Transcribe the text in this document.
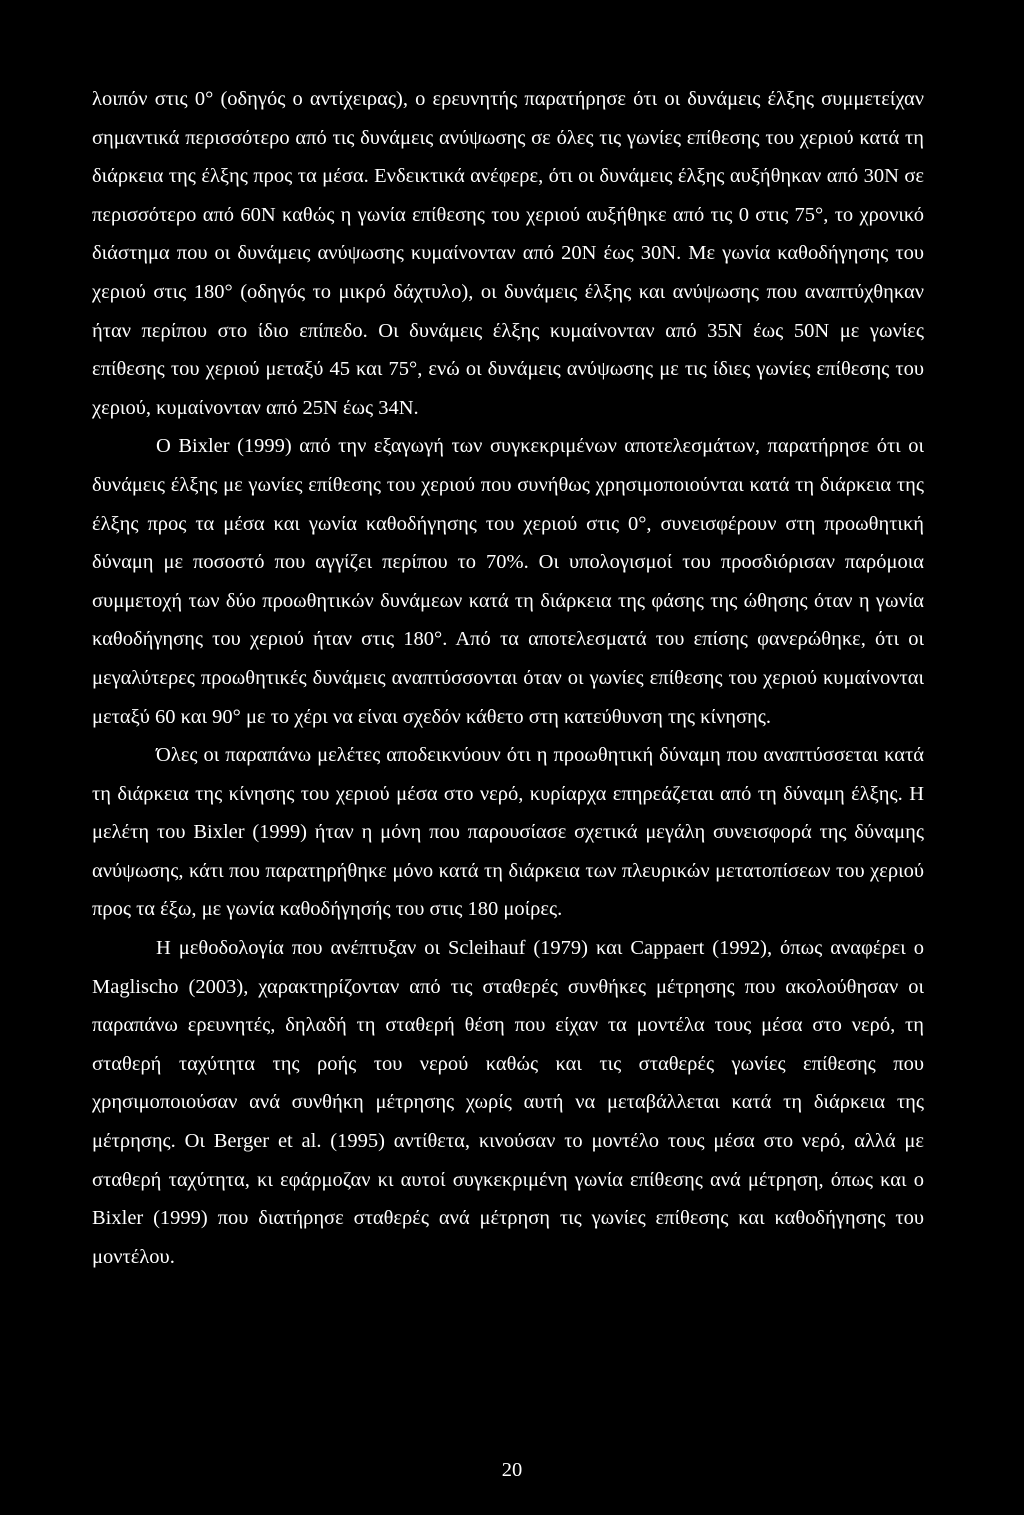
λοιπόν στις 0° (οδηγός ο αντίχειρας), ο ερευνητής παρατήρησε ότι οι δυνάμεις έλξης συμμετείχαν σημαντικά περισσότερο από τις δυνάμεις ανύψωσης σε όλες τις γωνίες επίθεσης του χεριού κατά τη διάρκεια της έλξης προς τα μέσα. Ενδεικτικά ανέφερε, ότι οι δυνάμεις έλξης αυξήθηκαν από 30N σε περισσότερο από 60N καθώς η γωνία επίθεσης του χεριού αυξήθηκε από τις 0 στις 75°, το χρονικό διάστημα που οι δυνάμεις ανύψωσης κυμαίνονταν από 20N έως 30N. Με γωνία καθοδήγησης του χεριού στις 180° (οδηγός το μικρό δάχτυλο), οι δυνάμεις έλξης και ανύψωσης που αναπτύχθηκαν ήταν περίπου στο ίδιο επίπεδο. Οι δυνάμεις έλξης κυμαίνονταν από 35N έως 50N με γωνίες επίθεσης του χεριού μεταξύ 45 και 75°, ενώ οι δυνάμεις ανύψωσης με τις ίδιες γωνίες επίθεσης του χεριού, κυμαίνονταν από 25N έως 34N.

Ο Bixler (1999) από την εξαγωγή των συγκεκριμένων αποτελεσμάτων, παρατήρησε ότι οι δυνάμεις έλξης με γωνίες επίθεσης του χεριού που συνήθως χρησιμοποιούνται κατά τη διάρκεια της έλξης προς τα μέσα και γωνία καθοδήγησης του χεριού στις 0°, συνεισφέρουν στη προωθητική δύναμη με ποσοστό που αγγίζει περίπου το 70%. Οι υπολογισμοί του προσδιόρισαν παρόμοια συμμετοχή των δύο προωθητικών δυνάμεων κατά τη διάρκεια της φάσης της ώθησης όταν η γωνία καθοδήγησης του χεριού ήταν στις 180°. Από τα αποτελεσματά του επίσης φανερώθηκε, ότι οι μεγαλύτερες προωθητικές δυνάμεις αναπτύσσονται όταν οι γωνίες επίθεσης του χεριού κυμαίνονται μεταξύ 60 και 90° με το χέρι να είναι σχεδόν κάθετο στη κατεύθυνση της κίνησης.

Όλες οι παραπάνω μελέτες αποδεικνύουν ότι η προωθητική δύναμη που αναπτύσσεται κατά τη διάρκεια της κίνησης του χεριού μέσα στο νερό, κυρίαρχα επηρεάζεται από τη δύναμη έλξης. Η μελέτη του Bixler (1999) ήταν η μόνη που παρουσίασε σχετικά μεγάλη συνεισφορά της δύναμης ανύψωσης, κάτι που παρατηρήθηκε μόνο κατά τη διάρκεια των πλευρικών μετατοπίσεων του χεριού προς τα έξω, με γωνία καθοδήγησής του στις 180 μοίρες.

Η μεθοδολογία που ανέπτυξαν οι Scleihauf (1979) και Cappaert (1992), όπως αναφέρει ο Maglischo (2003), χαρακτηρίζονταν από τις σταθερές συνθήκες μέτρησης που ακολούθησαν οι παραπάνω ερευνητές, δηλαδή τη σταθερή θέση που είχαν τα μοντέλα τους μέσα στο νερό, τη σταθερή ταχύτητα της ροής του νερού καθώς και τις σταθερές γωνίες επίθεσης που χρησιμοποιούσαν ανά συνθήκη μέτρησης χωρίς αυτή να μεταβάλλεται κατά τη διάρκεια της μέτρησης. Οι Berger et al. (1995) αντίθετα, κινούσαν το μοντέλο τους μέσα στο νερό, αλλά με σταθερή ταχύτητα, κι εφάρμοζαν κι αυτοί συγκεκριμένη γωνία επίθεσης ανά μέτρηση, όπως και ο Bixler (1999) που διατήρησε σταθερές ανά μέτρηση τις γωνίες επίθεσης και καθοδήγησης του μοντέλου.

20
